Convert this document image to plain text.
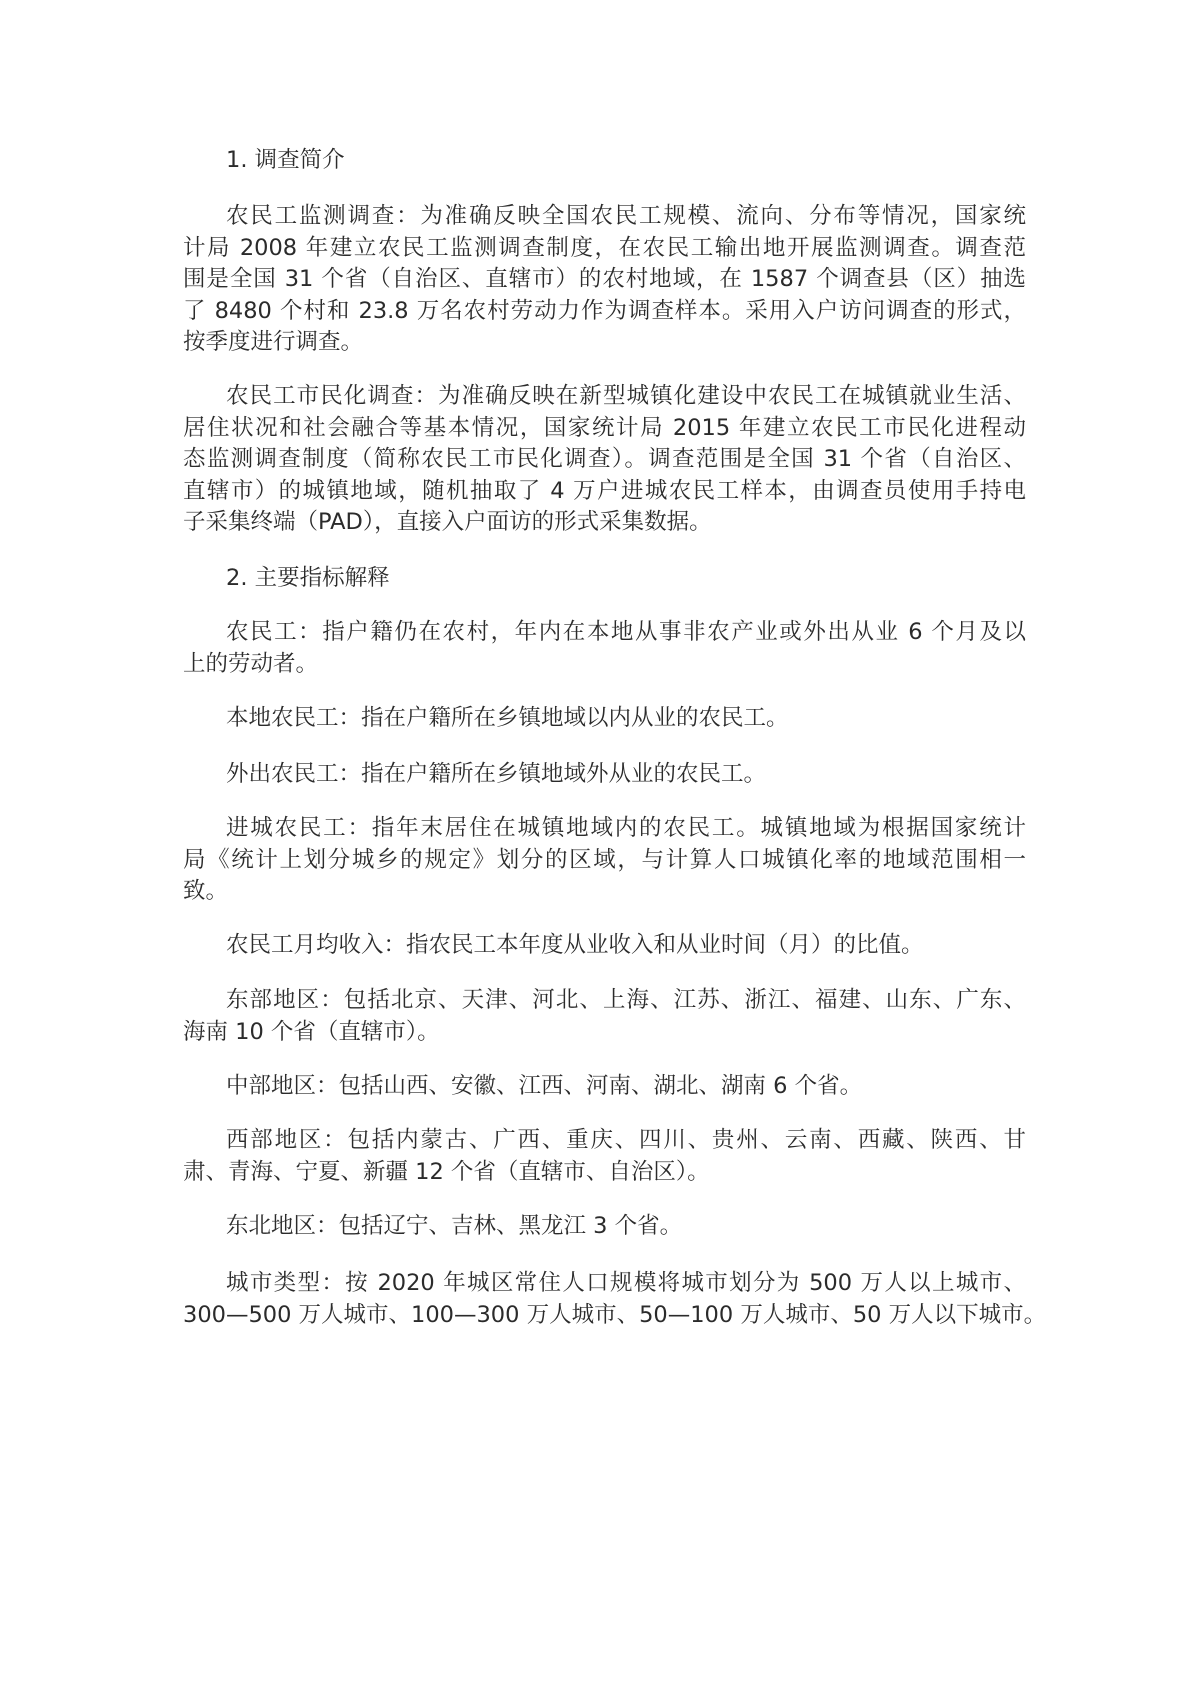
1. 调查简介
农民工监测调查：为准确反映全国农民工规模、流向、分布等情况，国家统
计局 2008 年建立农民工监测调查制度，在农民工输出地开展监测调查。调查范
围是全国 31 个省（自治区、直辖市）的农村地域，在 1587 个调查县（区）抽选
了 8480 个村和 23.8 万名农村劳动力作为调查样本。采用入户访问调查的形式，
按季度进行调查。
农民工市民化调查：为准确反映在新型城镇化建设中农民工在城镇就业生活、
居住状况和社会融合等基本情况，国家统计局 2015 年建立农民工市民化进程动
态监测调查制度（简称农民工市民化调查）。调查范围是全国 31 个省（自治区、
直辖市）的城镇地域，随机抽取了 4 万户进城农民工样本，由调查员使用手持电
子采集终端（PAD），直接入户面访的形式采集数据。
2. 主要指标解释
农民工：指户籍仍在农村，年内在本地从事非农产业或外出从业 6 个月及以
上的劳动者。
本地农民工：指在户籍所在乡镇地域以内从业的农民工。
外出农民工：指在户籍所在乡镇地域外从业的农民工。
进城农民工：指年末居住在城镇地域内的农民工。城镇地域为根据国家统计
局《统计上划分城乡的规定》划分的区域，与计算人口城镇化率的地域范围相一
致。
农民工月均收入：指农民工本年度从业收入和从业时间（月）的比值。
东部地区：包括北京、天津、河北、上海、江苏、浙江、福建、山东、广东、
海南 10 个省（直辖市）。
中部地区：包括山西、安徽、江西、河南、湖北、湖南 6 个省。
西部地区：包括内蒙古、广西、重庆、四川、贵州、云南、西藏、陕西、甘
肃、青海、宁夏、新疆 12 个省（直辖市、自治区）。
东北地区：包括辽宁、吉林、黑龙江 3 个省。
城市类型：按 2020 年城区常住人口规模将城市划分为 500 万人以上城市、
300—500 万人城市、100—300 万人城市、50—100 万人城市、50 万人以下城市。
